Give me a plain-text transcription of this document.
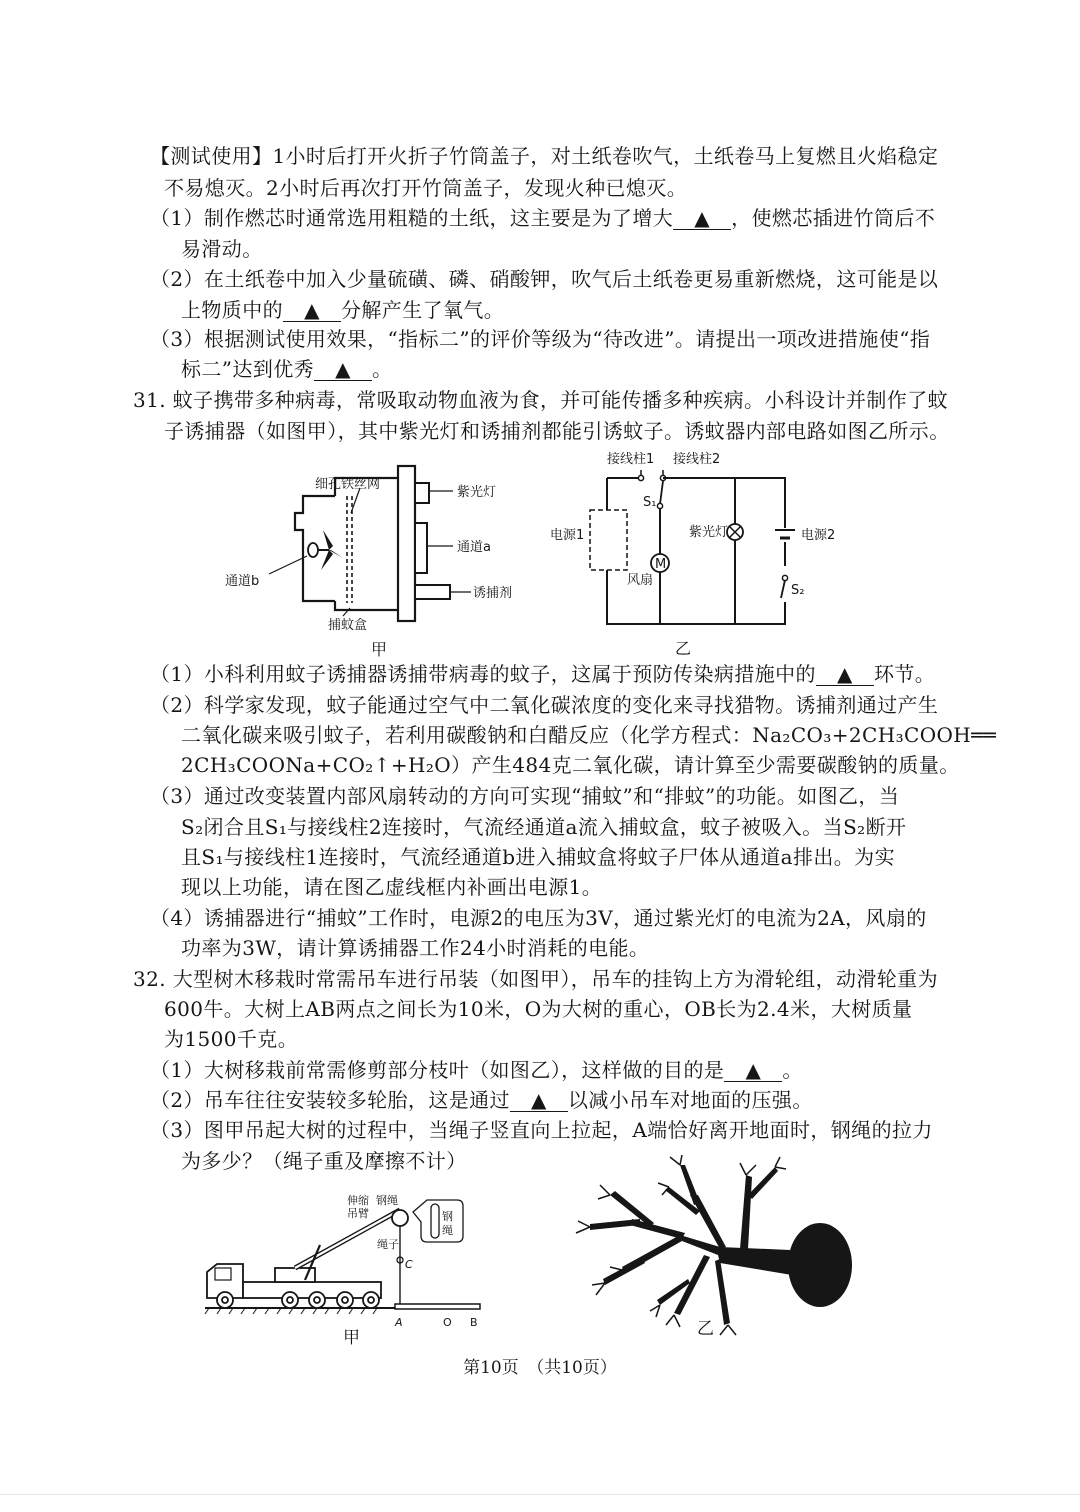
【测试使用】1小时后打开火折子竹筒盖子，对土纸卷吹气，土纸卷马上复燃且火焰稳定
不易熄灭。2小时后再次打开竹筒盖子，发现火种已熄灭。
（1）制作燃芯时通常选用粗糙的土纸，这主要是为了增大 ▲ ，使燃芯插进竹筒后不
易滑动。
（2）在土纸卷中加入少量硫磺、磷、硝酸钾，吹气后土纸卷更易重新燃烧，这可能是以
上物质中的 ▲ 分解产生了氧气。
（3）根据测试使用效果，“指标二”的评价等级为“待改进”。请提出一项改进措施使“指
标二”达到优秀 ▲ 。
31. 蚊子携带多种病毒，常吸取动物血液为食，并可能传播多种疾病。小科设计并制作了蚊
子诱捕器（如图甲），其中紫光灯和诱捕剂都能引诱蚊子。诱蚊器内部电路如图乙所示。
细孔铁丝网
紫光灯
通道a
通道b
诱捕剂
捕蚊盒
甲
接线柱1 接线柱2
电源1
S₁
M
风扇
紫光灯	电源2
S₂
乙
（1）小科利用蚊子诱捕器诱捕带病毒的蚊子，这属于预防传染病措施中的 ▲ 环节。
（2）科学家发现，蚊子能通过空气中二氧化碳浓度的变化来寻找猎物。诱捕剂通过产生
二氧化碳来吸引蚊子，若利用碳酸钠和白醋反应（化学方程式：Na₂CO₃+2CH₃COOH══
2CH₃COONa+CO₂↑+H₂O）产生484克二氧化碳，请计算至少需要碳酸钠的质量。
（3）通过改变装置内部风扇转动的方向可实现“捕蚊”和“排蚊”的功能。如图乙，当
S₂闭合且S₁与接线柱2连接时，气流经通道a流入捕蚊盒，蚊子被吸入。当S₂断开
且S₁与接线柱1连接时，气流经通道b进入捕蚊盒将蚊子尸体从通道a排出。为实
现以上功能，请在图乙虚线框内补画出电源1。
（4）诱捕器进行“捕蚊”工作时，电源2的电压为3V，通过紫光灯的电流为2A，风扇的
功率为3W，请计算诱捕器工作24小时消耗的电能。
32. 大型树木移栽时常需吊车进行吊装（如图甲），吊车的挂钩上方为滑轮组，动滑轮重为
600牛。大树上AB两点之间长为10米，O为大树的重心，OB长为2.4米，大树质量
为1500千克。
（1）大树移栽前常需修剪部分枝叶（如图乙），这样做的目的是 ▲ 。
（2）吊车往往安装较多轮胎，这是通过 ▲ 以减小吊车对地面的压强。
（3）图甲吊起大树的过程中，当绳子竖直向上拉起，A端恰好离开地面时，钢绳的拉力
为多少？（绳子重及摩擦不计）
钢
绳
伸缩
吊臂
钢绳
绳子
C
A	O B
甲	乙
第10页　（共10页）
